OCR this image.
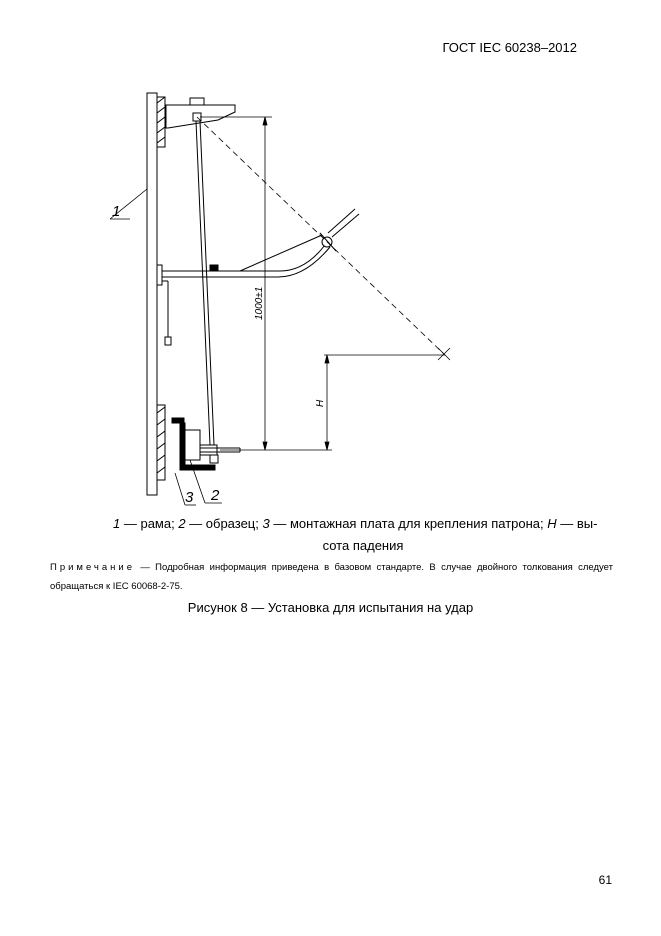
ГОСТ IEC 60238–2012
1000±1
H
1
3 2
1 — рама; 2 — образец; 3 — монтажная плата для крепления патрона; H — вы-
сота падения
Примечание — Подробная информация приведена в базовом стандарте. В случае двойного толкования следует обращаться к IEC 60068-2-75.
Рисунок 8 — Установка для испытания на удар
61
